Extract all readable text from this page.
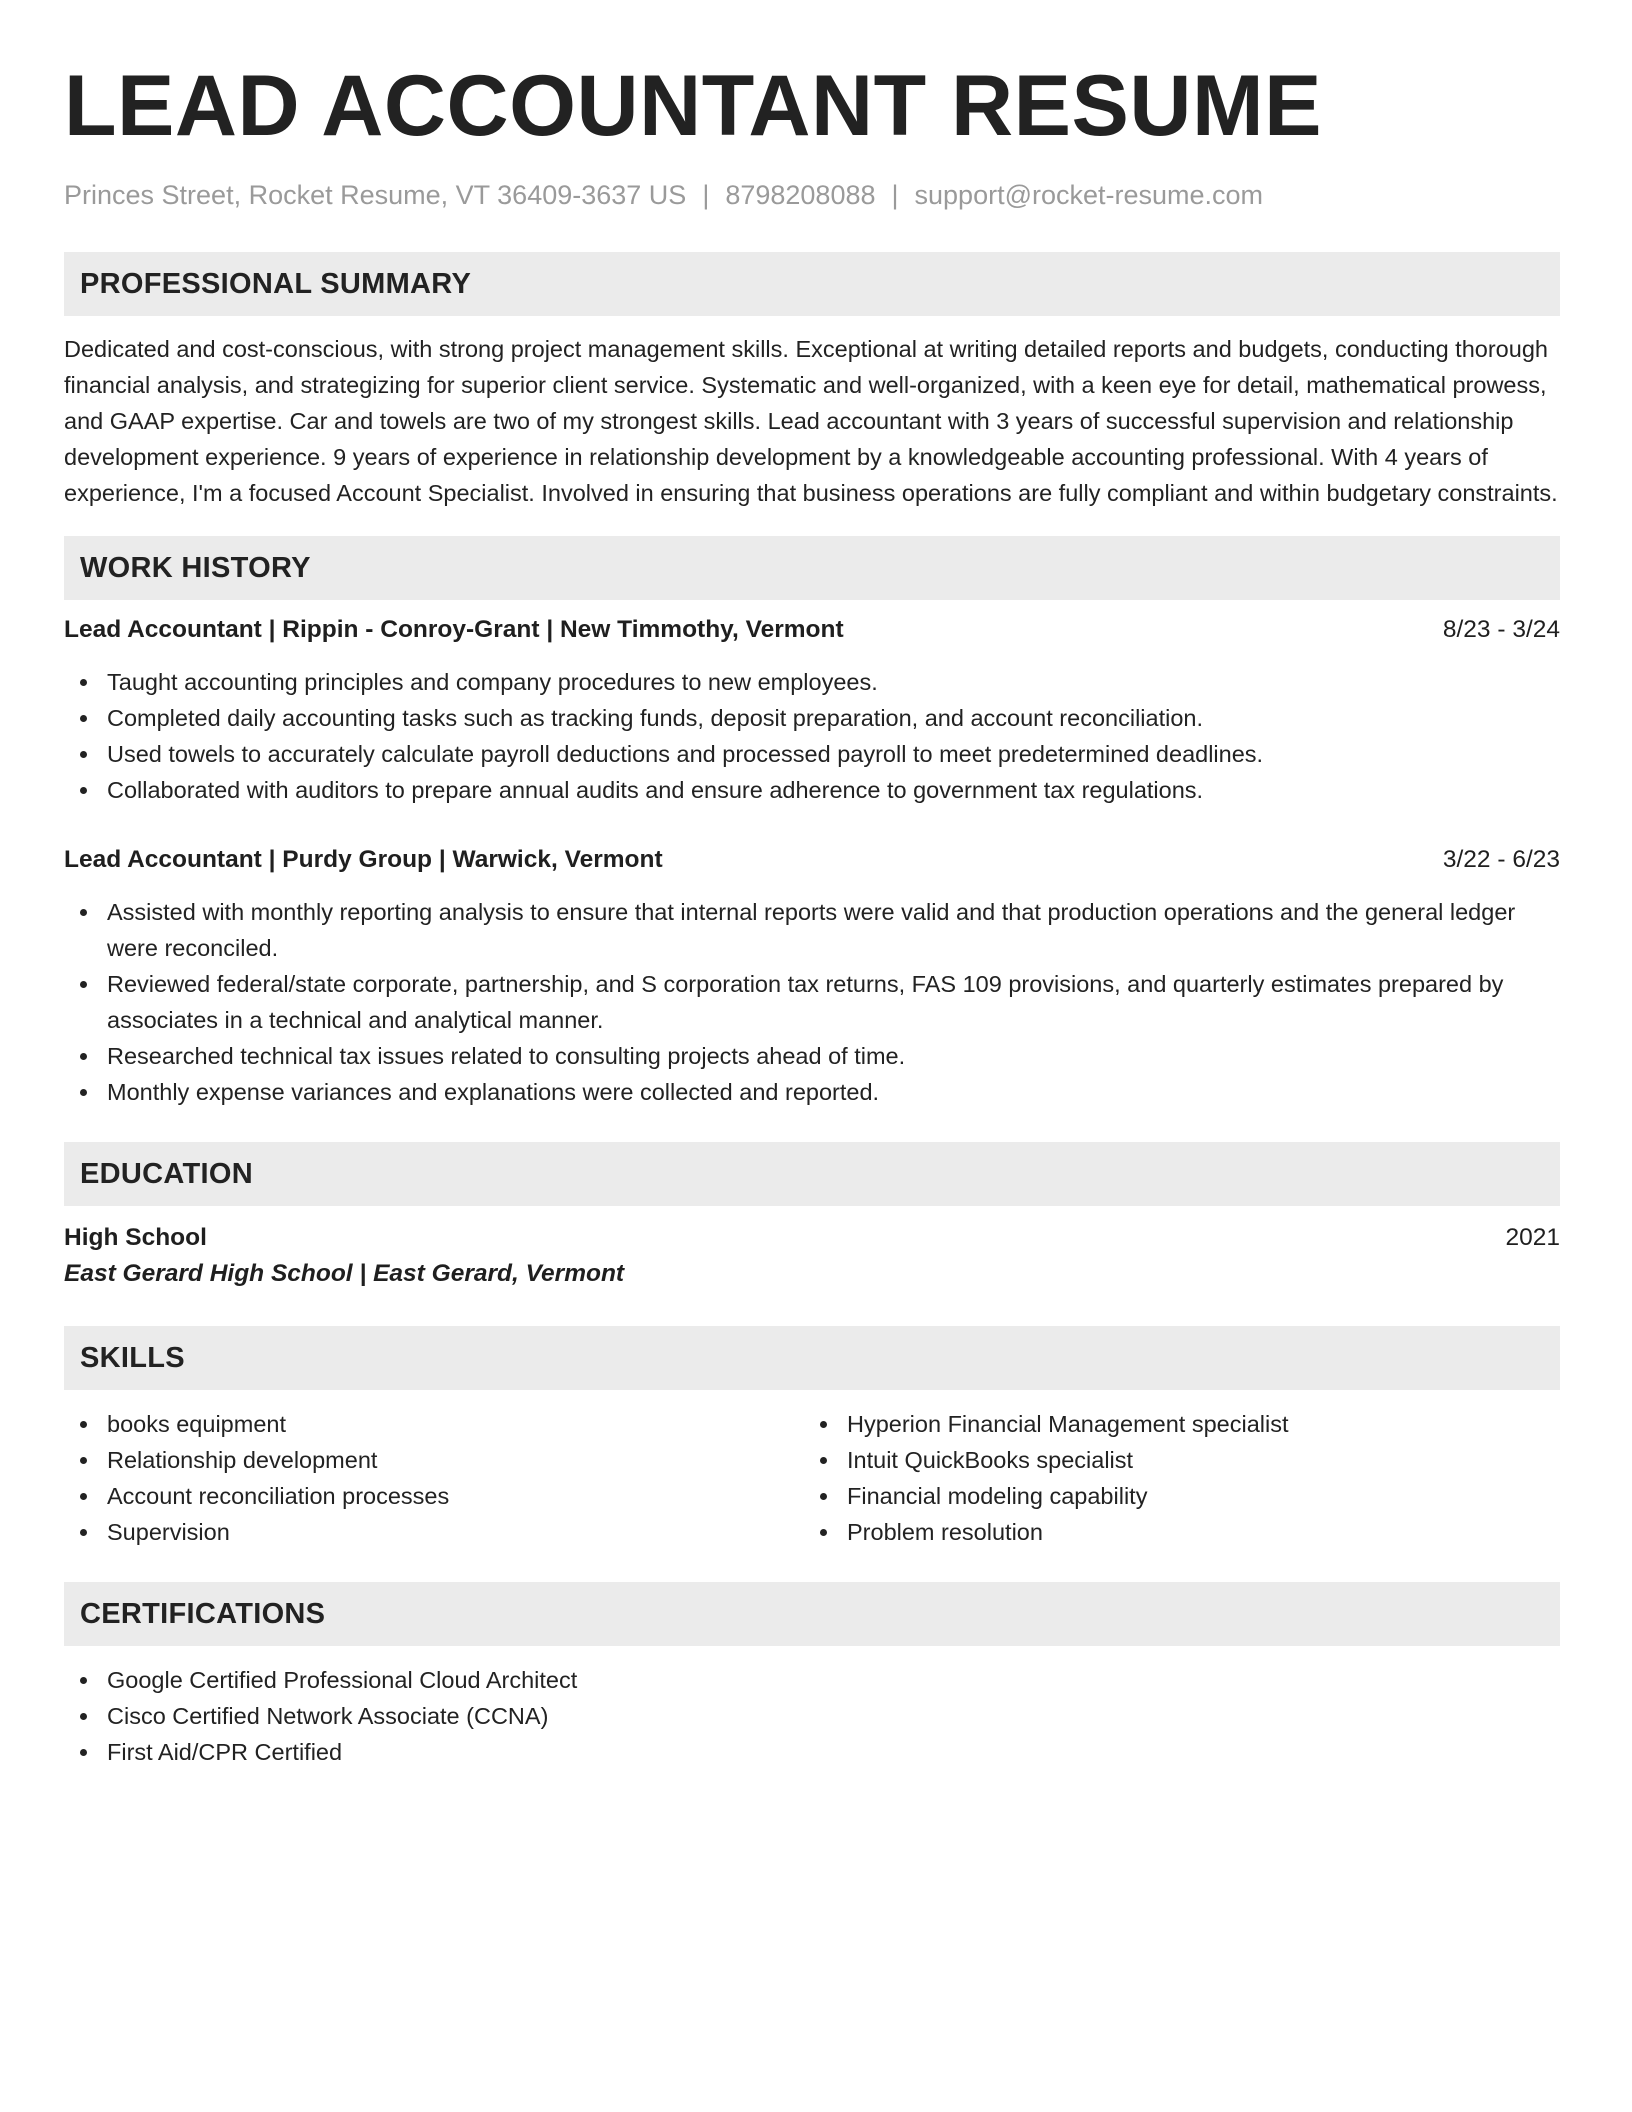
LEAD ACCOUNTANT RESUME
Princes Street, Rocket Resume, VT 36409-3637 US | 8798208088 | support@rocket-resume.com
PROFESSIONAL SUMMARY

Dedicated and cost-conscious, with strong project management skills. Exceptional at writing detailed reports and budgets, conducting thorough financial analysis, and strategizing for superior client service. Systematic and well-organized, with a keen eye for detail, mathematical prowess, and GAAP expertise. Car and towels are two of my strongest skills. Lead accountant with 3 years of successful supervision and relationship development experience. 9 years of experience in relationship development by a knowledgeable accounting professional. With 4 years of experience, I'm a focused Account Specialist. Involved in ensuring that business operations are fully compliant and within budgetary constraints.

WORK HISTORY
Lead Accountant | Rippin - Conroy-Grant | New Timmothy, Vermont	8/23 - 3/24
Taught accounting principles and company procedures to new employees.
Completed daily accounting tasks such as tracking funds, deposit preparation, and account reconciliation.
Used towels to accurately calculate payroll deductions and processed payroll to meet predetermined deadlines.
Collaborated with auditors to prepare annual audits and ensure adherence to government tax regulations.
Lead Accountant | Purdy Group | Warwick, Vermont	3/22 - 6/23
Assisted with monthly reporting analysis to ensure that internal reports were valid and that production operations and the general ledger were reconciled.
Reviewed federal/state corporate, partnership, and S corporation tax returns, FAS 109 provisions, and quarterly estimates prepared by associates in a technical and analytical manner.
Researched technical tax issues related to consulting projects ahead of time.
Monthly expense variances and explanations were collected and reported.
EDUCATION
High School	2021
East Gerard High School | East Gerard, Vermont
SKILLS
books equipment
Relationship development
Account reconciliation processes
Supervision
Hyperion Financial Management specialist
Intuit QuickBooks specialist
Financial modeling capability
Problem resolution
CERTIFICATIONS
Google Certified Professional Cloud Architect
Cisco Certified Network Associate (CCNA)
First Aid/CPR Certified
